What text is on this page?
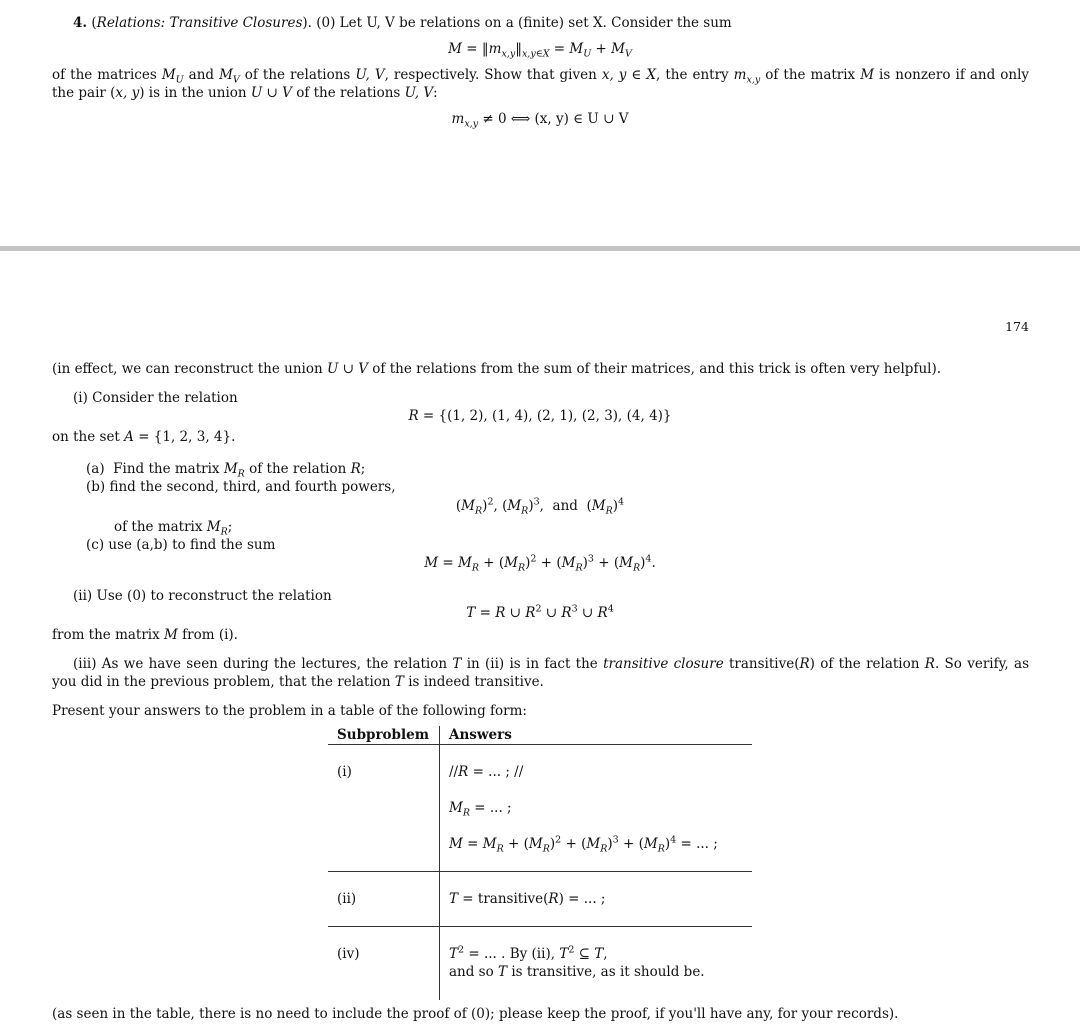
4. (Relations: Transitive Closures). (0) Let U, V be relations on a (finite) set X. Consider the sum
$M = ‖m_{x,y}‖_{x,y\in X} = M_U + M_V$
of the matrices $M_U$ and $M_V$ of the relations U, V, respectively. Show that given x, y ∈ X, the entry $m_{x,y}$ of the matrix M is nonzero if and only the pair (x, y) is in the union U ∪ V of the relations U, V:
$m_{x,y} \ne 0$ ⟺ (x, y) ∈ U ∪ V
174
(in effect, we can reconstruct the union U ∪ V of the relations from the sum of their matrices, and this trick is often very helpful).
(i) Consider the relation
R = {(1, 2), (1, 4), (2, 1), (2, 3), (4, 4)}
on the set A = {1, 2, 3, 4}.
(a)  Find the matrix $M_R$ of the relation R;
(b) find the second, third, and fourth powers,
$(M_R)^2$, $(M_R)^3$,  and  $(M_R)^4$
of the matrix $M_R$;
(c) use (a,b) to find the sum
$M = M_R + (M_R)^2 + (M_R)^3 + (M_R)^4$.
(ii) Use (0) to reconstruct the relation
T = R ∪ $R^2$ ∪ $R^3$ ∪ $R^4$
from the matrix M from (i).
(iii) As we have seen during the lectures, the relation T in (ii) is in fact the transitive closure transitive(R) of the relation R. So verify, as you did in the previous problem, that the relation T is indeed transitive.
Present your answers to the problem in a table of the following form:
Subproblem Answers
(i)	//R = ... ; //
$M_R$ = ... ;
$M = M_R + (M_R)^2 + (M_R)^3 + (M_R)^4$ = ... ;
(ii)	T = transitive(R) = ... ;
(iv)	$T^2$ = ... . By (ii), $T^2$ ⊆ T,
and so T is transitive, as it should be.
(as seen in the table, there is no need to include the proof of (0); please keep the proof, if you'll have any, for your records).
